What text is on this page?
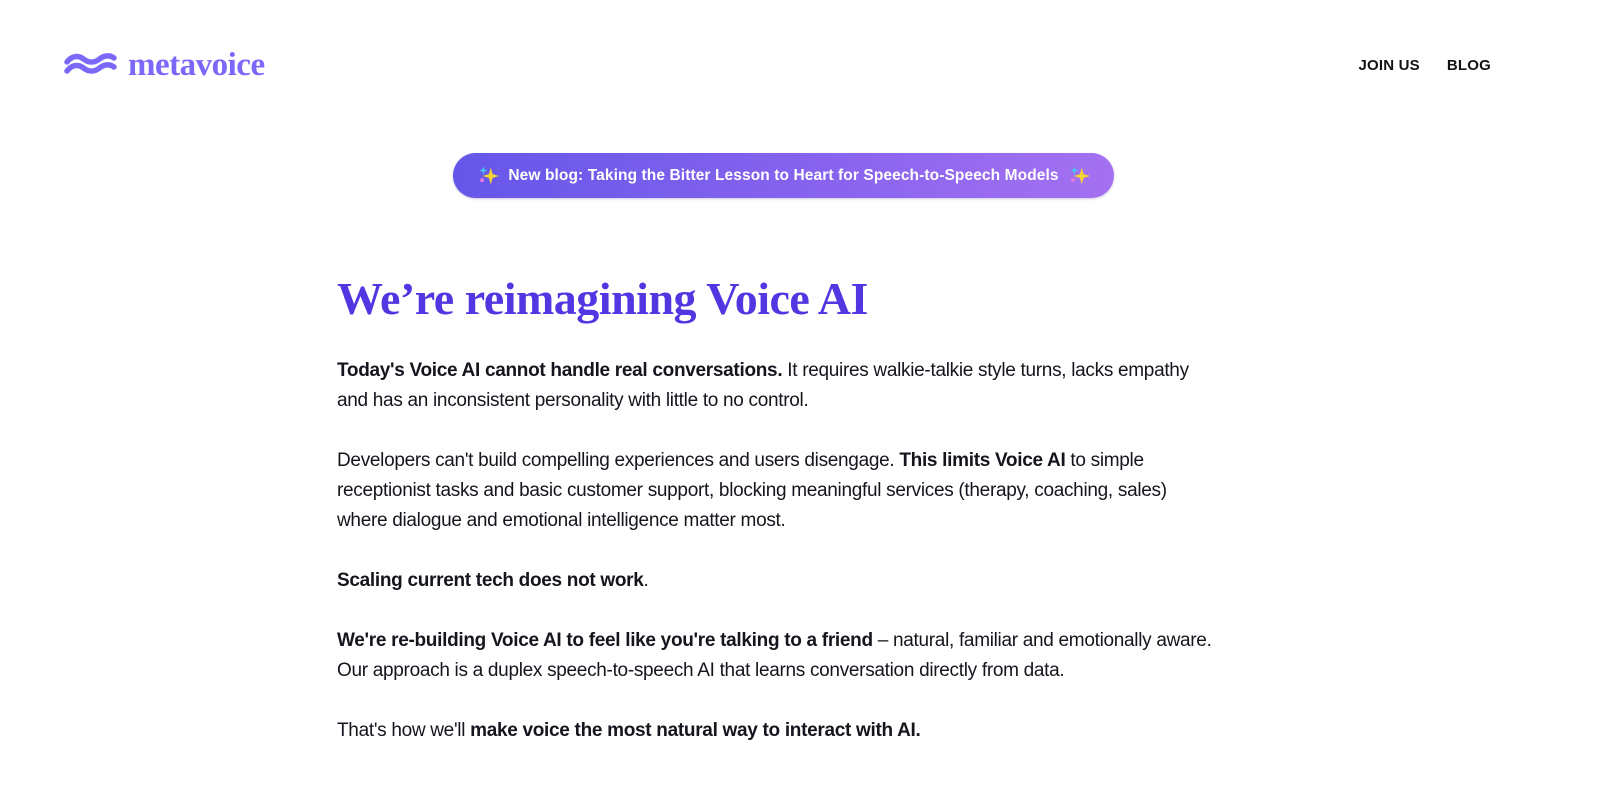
metavoice	JOIN US BLOG
New blog: Taking the Bitter Lesson to Heart for Speech-to-Speech Models
We’re reimagining Voice AI

Today's Voice AI cannot handle real conversations. It requires walkie-talkie style turns, lacks empathy and has an inconsistent personality with little to no control.

Developers can't build compelling experiences and users disengage. This limits Voice AI to simple receptionist tasks and basic customer support, blocking meaningful services (therapy, coaching, sales) where dialogue and emotional intelligence matter most.

Scaling current tech does not work.

We're re-building Voice AI to feel like you're talking to a friend – natural, familiar and emotionally aware. Our approach is a duplex speech-to-speech AI that learns conversation directly from data.

That's how we'll make voice the most natural way to interact with AI.
